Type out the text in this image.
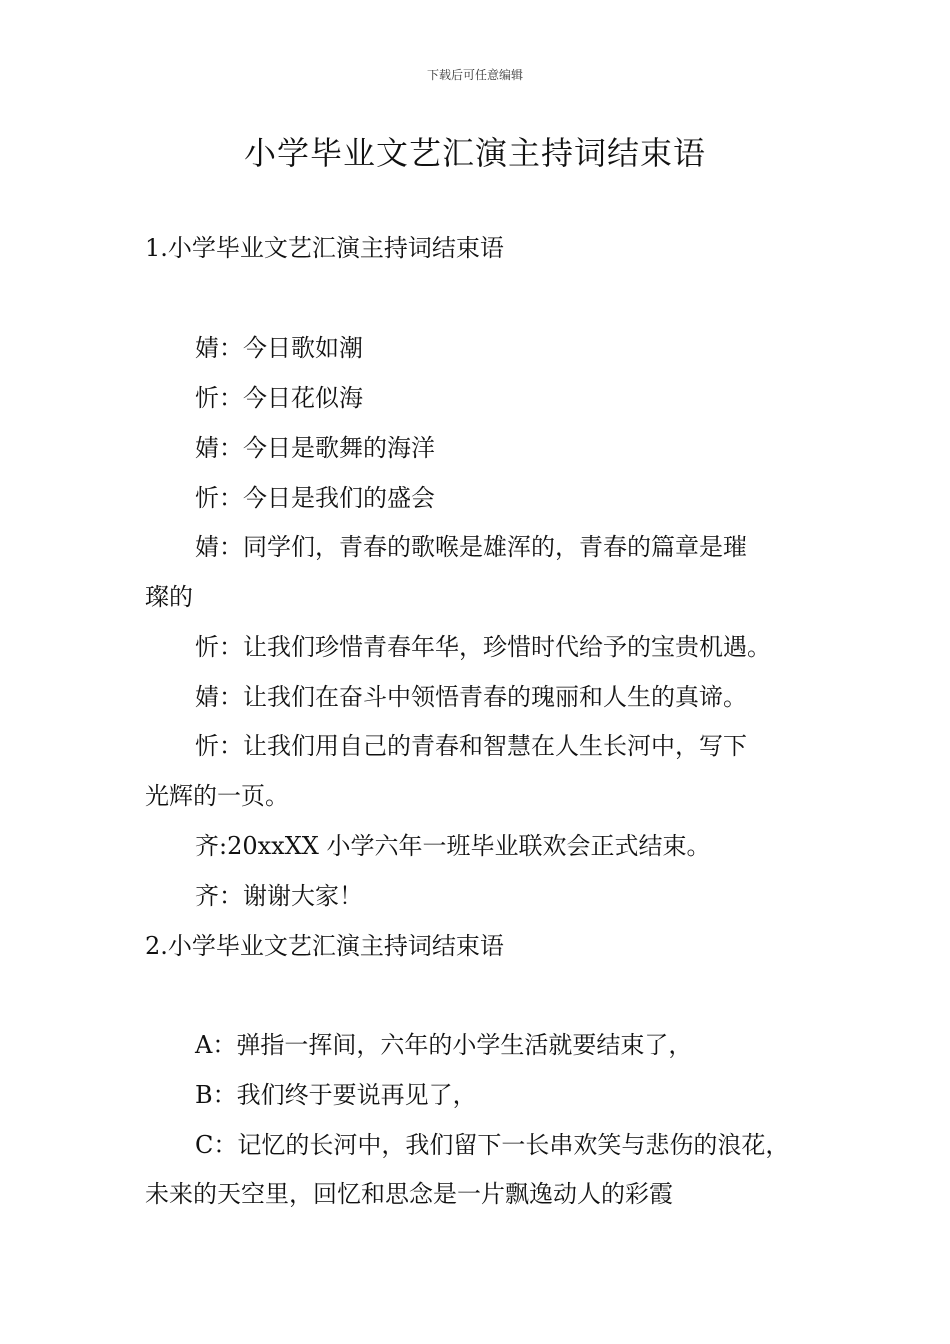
下载后可任意编辑
小学毕业文艺汇演主持词结束语
1.小学毕业文艺汇演主持词结束语
婧：今日歌如潮
忻：今日花似海
婧：今日是歌舞的海洋
忻：今日是我们的盛会
婧：同学们，青春的歌喉是雄浑的，青春的篇章是璀
璨的
忻：让我们珍惜青春年华，珍惜时代给予的宝贵机遇。
婧：让我们在奋斗中领悟青春的瑰丽和人生的真谛。
忻：让我们用自己的青春和智慧在人生长河中，写下
光辉的一页。
齐:20xxXX 小学六年一班毕业联欢会正式结束。
齐：谢谢大家！
2.小学毕业文艺汇演主持词结束语
A：弹指一挥间，六年的小学生活就要结束了，
B：我们终于要说再见了，
C：记忆的长河中，我们留下一长串欢笑与悲伤的浪花，
未来的天空里，回忆和思念是一片飘逸动人的彩霞
